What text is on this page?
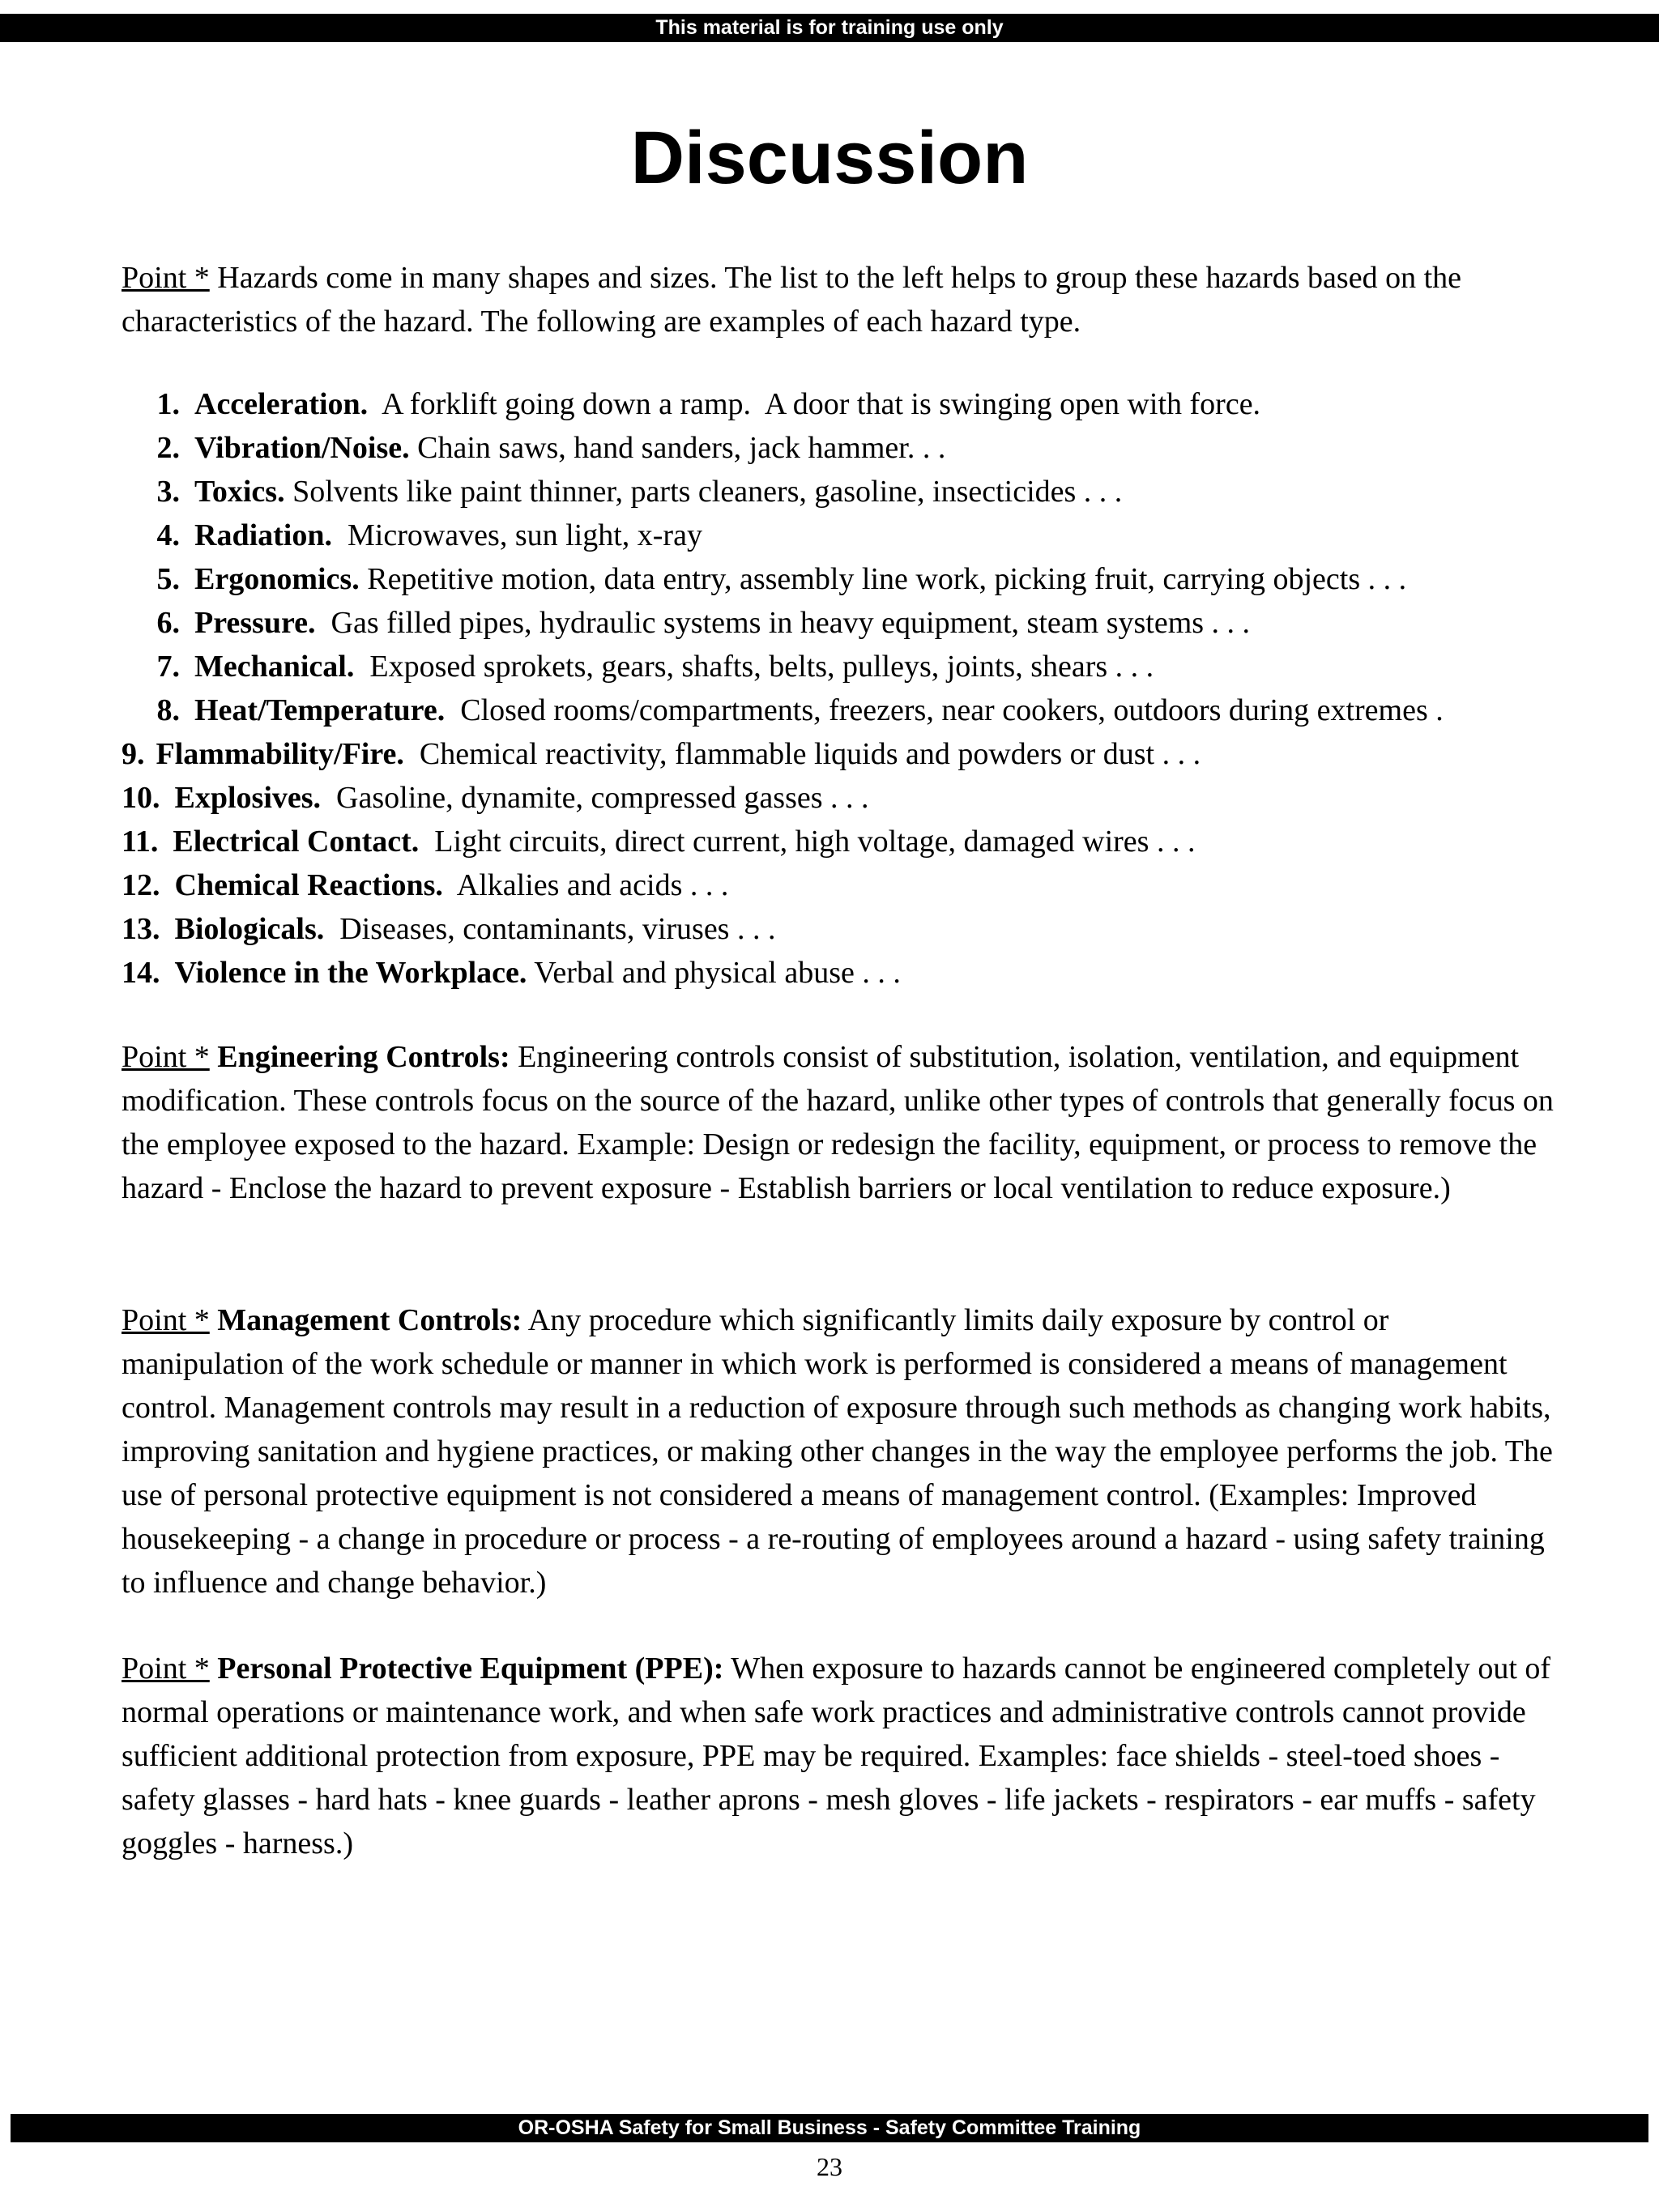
This material is for training use only
Discussion

Point * Hazards come in many shapes and sizes. The list to the left helps to group these hazards based on the characteristics of the hazard. The following are examples of each hazard type.

1. Acceleration.  A forklift going down a ramp.  A door that is swinging open with force.
2. Vibration/Noise. Chain saws, hand sanders, jack hammer. . .
3. Toxics. Solvents like paint thinner, parts cleaners, gasoline, insecticides . . .
4. Radiation.  Microwaves, sun light, x-ray
5. Ergonomics. Repetitive motion, data entry, assembly line work, picking fruit, carrying objects . . .
6. Pressure.  Gas filled pipes, hydraulic systems in heavy equipment, steam systems . . .
7. Mechanical.  Exposed sprokets, gears, shafts, belts, pulleys, joints, shears . . .
8. Heat/Temperature.  Closed rooms/compartments, freezers, near cookers, outdoors during extremes .
9. Flammability/Fire.  Chemical reactivity, flammable liquids and powders or dust . . .
10. Explosives.  Gasoline, dynamite, compressed gasses . . .
11. Electrical Contact.  Light circuits, direct current, high voltage, damaged wires . . .
12. Chemical Reactions.  Alkalies and acids . . .
13. Biologicals.  Diseases, contaminants, viruses . . .
14. Violence in the Workplace. Verbal and physical abuse . . .

Point * Engineering Controls: Engineering controls consist of substitution, isolation, ventilation, and equipment modification. These controls focus on the source of the hazard, unlike other types of controls that generally focus on the employee exposed to the hazard. Example: Design or redesign the facility, equipment, or process to remove the hazard - Enclose the hazard to prevent exposure - Establish barriers or local ventilation to reduce exposure.)

Point * Management Controls: Any procedure which significantly limits daily exposure by control or manipulation of the work schedule or manner in which work is performed is considered a means of management control. Management controls may result in a reduction of exposure through such methods as changing work habits, improving sanitation and hygiene practices, or making other changes in the way the employee performs the job. The use of personal protective equipment is not considered a means of management control. (Examples: Improved housekeeping - a change in procedure or process - a re-routing of employees around a hazard - using safety training to influence and change behavior.)

Point * Personal Protective Equipment (PPE): When exposure to hazards cannot be engineered completely out of normal operations or maintenance work, and when safe work practices and administrative controls cannot provide sufficient additional protection from exposure, PPE may be required. Examples: face shields - steel-toed shoes - safety glasses - hard hats - knee guards - leather aprons - mesh gloves - life jackets - respirators - ear muffs - safety goggles - harness.)

OR-OSHA Safety for Small Business - Safety Committee Training
23
